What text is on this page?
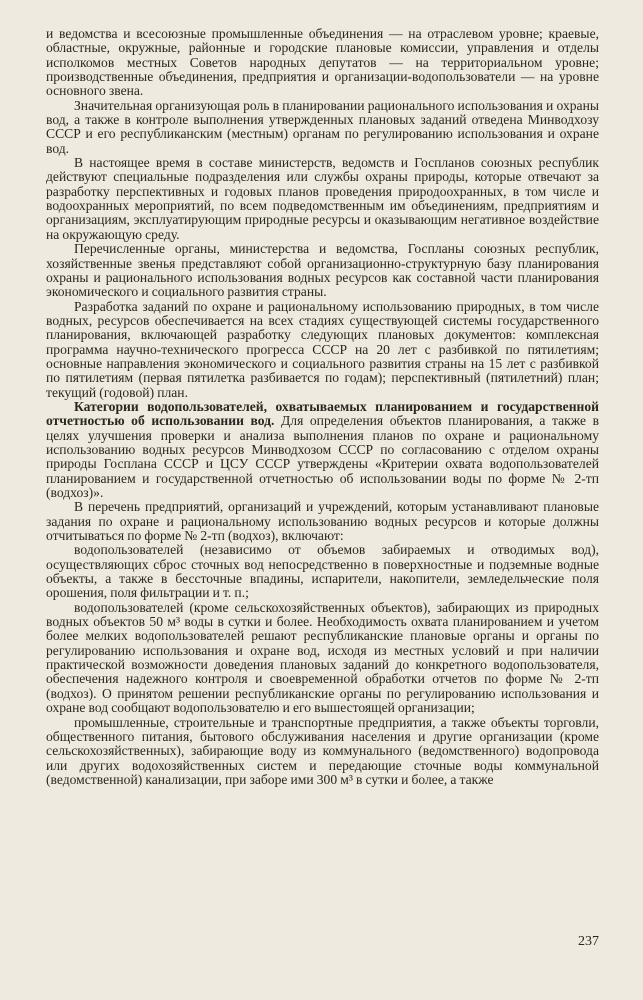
и ведомства и всесоюзные промышленные объединения — на отраслевом уровне; краевые, областные, окружные, районные и городские плановые комиссии, управления и отделы исполкомов местных Советов народных депутатов — на территориальном уровне; производственные объединения, предприятия и организации-водопользователи — на уровне основного звена.

Значительная организующая роль в планировании рационального использования и охраны вод, а также в контроле выполнения утвержденных плановых заданий отведена Минводхозу СССР и его республиканским (местным) органам по регулированию использования и охране вод.

В настоящее время в составе министерств, ведомств и Госпланов союзных республик действуют специальные подразделения или службы охраны природы, которые отвечают за разработку перспективных и годовых планов проведения природоохранных, в том числе и водоохранных мероприятий, по всем подведомственным им объединениям, предприятиям и организациям, эксплуатирующим природные ресурсы и оказывающим негативное воздействие на окружающую среду.

Перечисленные органы, министерства и ведомства, Госпланы союзных республик, хозяйственные звенья представляют собой организационно-структурную базу планирования охраны и рационального использования водных ресурсов как составной части планирования экономического и социального развития страны.

Разработка заданий по охране и рациональному использованию природных, в том числе водных, ресурсов обеспечивается на всех стадиях существующей системы государственного планирования, включающей разработку следующих плановых документов: комплексная программа научно-технического прогресса СССР на 20 лет с разбивкой по пятилетиям; основные направления экономического и социального развития страны на 15 лет с разбивкой по пятилетиям (первая пятилетка разбивается по годам); перспективный (пятилетний) план; текущий (годовой) план.

Категории водопользователей, охватываемых планированием и государственной отчетностью об использовании вод. Для определения объектов планирования, а также в целях улучшения проверки и анализа выполнения планов по охране и рациональному использованию водных ресурсов Минводхозом СССР по согласованию с отделом охраны природы Госплана СССР и ЦСУ СССР утверждены «Критерии охвата водопользователей планированием и государственной отчетностью об использовании воды по форме № 2-тп (водхоз)».

В перечень предприятий, организаций и учреждений, которым устанавливают плановые задания по охране и рациональному использованию водных ресурсов и которые должны отчитываться по форме № 2-тп (водхоз), включают:

водопользователей (независимо от объемов забираемых и отводимых вод), осуществляющих сброс сточных вод непосредственно в поверхностные и подземные водные объекты, а также в бессточные впадины, испарители, накопители, земледельческие поля орошения, поля фильтрации и т. п.;

водопользователей (кроме сельскохозяйственных объектов), забирающих из природных водных объектов 50 м³ воды в сутки и более. Необходимость охвата планированием и учетом более мелких водопользователей решают республиканские плановые органы и органы по регулированию использования и охране вод, исходя из местных условий и при наличии практической возможности доведения плановых заданий до конкретного водопользователя, обеспечения надежного контроля и своевременной обработки отчетов по форме № 2-тп (водхоз). О принятом решении республиканские органы по регулированию использования и охране вод сообщают водопользователю и его вышестоящей организации;

промышленные, строительные и транспортные предприятия, а также объекты торговли, общественного питания, бытового обслуживания населения и другие организации (кроме сельскохозяйственных), забирающие воду из коммунального (ведомственного) водопровода или других водохозяйственных систем и передающие сточные воды коммунальной (ведомственной) канализации, при заборе ими 300 м³ в сутки и более, а также

237
